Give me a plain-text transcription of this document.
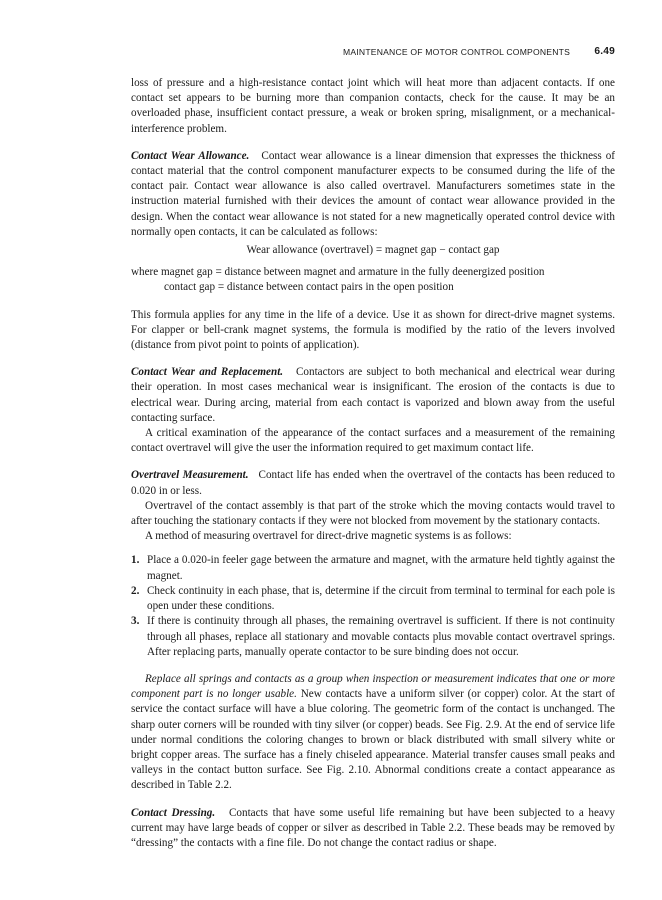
MAINTENANCE OF MOTOR CONTROL COMPONENTS 6.49

loss of pressure and a high-resistance contact joint which will heat more than adjacent contacts. If one contact set appears to be burning more than companion contacts, check for the cause. It may be an overloaded phase, insufficient contact pressure, a weak or broken spring, misalignment, or a mechanical-interference problem.

Contact Wear Allowance. Contact wear allowance is a linear dimension that expresses the thickness of contact material that the control component manufacturer expects to be consumed during the life of the contact pair. Contact wear allowance is also called overtravel. Manufacturers sometimes state in the instruction material furnished with their devices the amount of contact wear allowance provided in the design. When the contact wear allowance is not stated for a new magnetically operated control device with normally open contacts, it can be calculated as follows:

Wear allowance (overtravel) = magnet gap − contact gap

where magnet gap = distance between magnet and armature in the fully deenergized position

contact gap = distance between contact pairs in the open position

This formula applies for any time in the life of a device. Use it as shown for direct-drive magnet systems. For clapper or bell-crank magnet systems, the formula is modified by the ratio of the levers involved (distance from pivot point to points of application).

Contact Wear and Replacement. Contactors are subject to both mechanical and electrical wear during their operation. In most cases mechanical wear is insignificant. The erosion of the contacts is due to electrical wear. During arcing, material from each contact is vaporized and blown away from the useful contacting surface.

A critical examination of the appearance of the contact surfaces and a measurement of the remaining contact overtravel will give the user the information required to get maximum contact life.

Overtravel Measurement. Contact life has ended when the overtravel of the contacts has been reduced to 0.020 in or less.

Overtravel of the contact assembly is that part of the stroke which the moving contacts would travel to after touching the stationary contacts if they were not blocked from movement by the stationary contacts.

A method of measuring overtravel for direct-drive magnetic systems is as follows:

1. Place a 0.020-in feeler gage between the armature and magnet, with the armature held tightly against the magnet.
2. Check continuity in each phase, that is, determine if the circuit from terminal to terminal for each pole is open under these conditions.
3. If there is continuity through all phases, the remaining overtravel is sufficient. If there is not continuity through all phases, replace all stationary and movable contacts plus movable contact overtravel springs. After replacing parts, manually operate contactor to be sure binding does not occur.

Replace all springs and contacts as a group when inspection or measurement indicates that one or more component part is no longer usable. New contacts have a uniform silver (or copper) color. At the start of service the contact surface will have a blue coloring. The geometric form of the contact is unchanged. The sharp outer corners will be rounded with tiny silver (or copper) beads. See Fig. 2.9. At the end of service life under normal conditions the coloring changes to brown or black distributed with small silvery white or bright copper areas. The surface has a finely chiseled appearance. Material transfer causes small peaks and valleys in the contact button surface. See Fig. 2.10. Abnormal conditions create a contact appearance as described in Table 2.2.

Contact Dressing. Contacts that have some useful life remaining but have been subjected to a heavy current may have large beads of copper or silver as described in Table 2.2. These beads may be removed by “dressing” the contacts with a fine file. Do not change the contact radius or shape.
